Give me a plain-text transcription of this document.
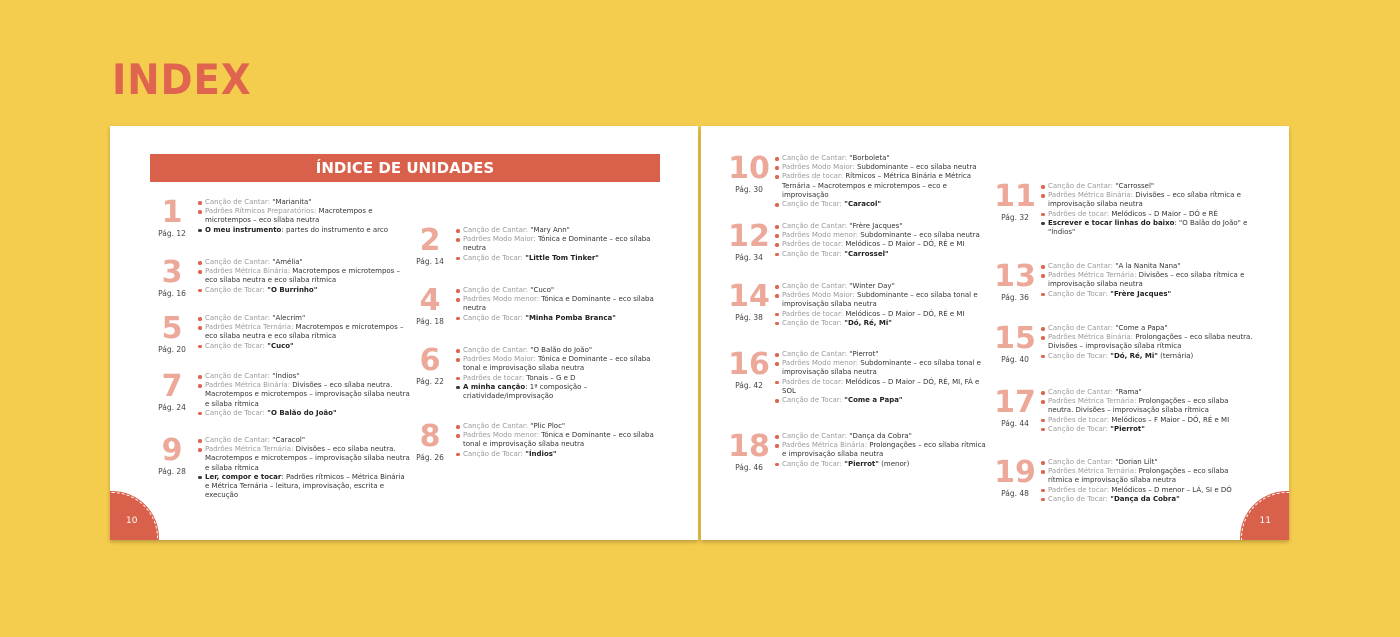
INDEX
ÍNDICE DE UNIDADES
1
Pág. 12
Canção de Cantar: "Marianita"
Padrões Rítmicos Preparatórios: Macrotempos e microtempos – eco sílaba neutra
O meu instrumento: partes do instrumento e arco
3
Pág. 16
Canção de Cantar: "Amélia"
Padrões Métrica Binária: Macrotempos e microtempos – eco sílaba neutra e eco sílaba rítmica
Canção de Tocar: "O Burrinho"
5
Pág. 20
Canção de Cantar: "Alecrim"
Padrões Métrica Ternária: Macrotempos e microtempos – eco sílaba neutra e eco sílaba rítmica
Canção de Tocar: "Cuco"
7
Pág. 24
Canção de Cantar: "Índios"
Padrões Métrica Binária: Divisões – eco sílaba neutra. Macrotempos e microtempos – improvisação sílaba neutra e sílaba rítmica
Canção de Tocar: "O Balão do João"
9
Pág. 28
Canção de Cantar: "Caracol"
Padrões Métrica Ternária: Divisões – eco sílaba neutra. Macrotempos e microtempos – improvisação sílaba neutra e sílaba rítmica
Ler, compor e tocar: Padrões rítmicos – Métrica Binária e Métrica Ternária – leitura, improvisação, escrita e execução
2
Pág. 14
Canção de Cantar: "Mary Ann"
Padrões Modo Maior: Tónica e Dominante – eco sílaba neutra
Canção de Tocar: "Little Tom Tinker"
4
Pág. 18
Canção de Cantar: "Cuco"
Padrões Modo menor: Tónica e Dominante – eco sílaba neutra
Canção de Tocar: "Minha Pomba Branca"
6
Pág. 22
Canção de Cantar: "O Balão do João"
Padrões Modo Maior: Tónica e Dominante – eco sílaba tonal e improvisação sílaba neutra
Padrões de tocar: Tonais – G e D
A minha canção: 1ª composição – criatividade/improvisação
8
Pág. 26
Canção de Cantar: "Plic Ploc"
Padrões Modo menor: Tónica e Dominante – eco sílaba tonal e improvisação sílaba neutra
Canção de Tocar: "Índios"
10
10
Pág. 30
Canção de Cantar: "Borboleta"
Padrões Modo Maior: Subdominante – eco sílaba neutra
Padrões de tocar: Rítmicos – Métrica Binária e Métrica Ternária – Macrotempos e microtempos – eco e improvisação
Canção de Tocar: "Caracol"
12
Pág. 34
Canção de Cantar: "Frère Jacques"
Padrões Modo menor: Subdominante – eco sílaba neutra
Padrões de tocar: Melódicos – D Maior – DÓ, RÉ e MI
Canção de Tocar: "Carrossel"
14
Pág. 38
Canção de Cantar: "Winter Day"
Padrões Modo Maior: Subdominante – eco sílaba tonal e improvisação sílaba neutra
Padrões de tocar: Melódicos – D Maior – DÓ, RÉ e MI
Canção de Tocar: "Dó, Ré, Mi"
16
Pág. 42
Canção de Cantar: "Pierrot"
Padrões Modo menor: Subdominante – eco sílaba tonal e improvisação sílaba neutra
Padrões de tocar: Melódicos – D Maior – DÓ, RÉ, MI, FÁ e SOL
Canção de Tocar: "Come a Papa"
18
Pág. 46
Canção de Cantar: "Dança da Cobra"
Padrões Métrica Binária: Prolongações – eco sílaba rítmica e improvisação sílaba neutra
Canção de Tocar: "Pierrot" (menor)
11
Pág. 32
Canção de Cantar: "Carrossel"
Padrões Métrica Binária: Divisões – eco sílaba rítmica e improvisação sílaba neutra
Padrões de tocar: Melódicos – D Maior – DÓ e RÉ
Escrever e tocar linhas do baixo: "O Balão do João" e "Índios"
13
Pág. 36
Canção de Cantar: "A la Nanita Nana"
Padrões Métrica Ternária: Divisões – eco sílaba rítmica e improvisação sílaba neutra
Canção de Tocar: "Frère Jacques"
15
Pág. 40
Canção de Cantar: "Come a Papa"
Padrões Métrica Binária: Prolongações – eco sílaba neutra. Divisões – improvisação sílaba rítmica
Canção de Tocar: "Dó, Ré, Mi" (ternária)
17
Pág. 44
Canção de Cantar: "Rama"
Padrões Métrica Ternária: Prolongações – eco sílaba neutra. Divisões – improvisação sílaba rítmica
Padrões de tocar: Melódicos – F Maior – DÓ, RÉ e MI
Canção de Tocar: "Pierrot"
19
Pág. 48
Canção de Cantar: "Dorian Lilt"
Padrões Métrica Ternária: Prolongações – eco sílaba rítmica e improvisação sílaba neutra
Padrões de tocar: Melódicos – D menor – LÁ, SI e DÓ
Canção de Tocar: "Dança da Cobra"
11
